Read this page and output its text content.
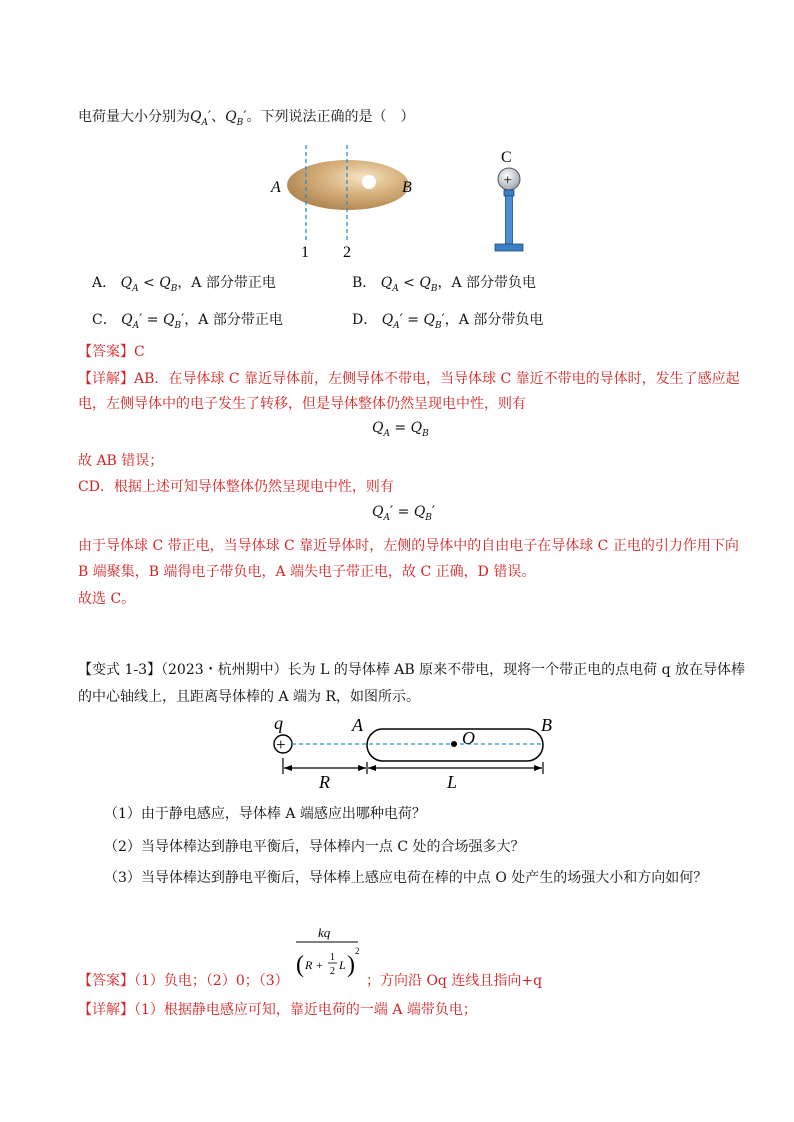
电荷量大小分别为$Q_A'$、$Q_B'$。下列说法正确的是（　）
A	B
1 2
C
+
A． $Q_A < Q_B$，A 部分带正电	B． $Q_A < Q_B$，A 部分带负电
C． $Q_A' = Q_B'$，A 部分带正电	D． $Q_A' = Q_B'$，A 部分带负电
【答案】C
【详解】AB．在导体球 C 靠近导体前，左侧导体不带电，当导体球 C 靠近不带电的导体时，发生了感应起
电，左侧导体中的电子发生了转移，但是导体整体仍然呈现电中性，则有
$Q_A = Q_B$
故 AB 错误；
CD．根据上述可知导体整体仍然呈现电中性，则有
$Q_A' = Q_B'$
由于导体球 C 带正电，当导体球 C 靠近导体时，左侧的导体中的自由电子在导体球 C 正电的引力作用下向
B 端聚集，B 端得电子带负电，A 端失电子带正电，故 C 正确，D 错误。
故选 C。
【变式 1-3】（2023・杭州期中）长为 L 的导体棒 AB 原来不带电，现将一个带正电的点电荷 q 放在导体棒
的中心轴线上，且距离导体棒的 A 端为 R，如图所示。
q
+
A	B
O
R	L
（1）由于静电感应，导体棒 A 端感应出哪种电荷？
（2）当导体棒达到静电平衡后，导体棒内一点 C 处的合场强多大？
（3）当导体棒达到静电平衡后，导体棒上感应电荷在棒的中点 O 处产生的场强大小和方向如何？
【答案】（1）负电；（2）0；（3）
kq
( R +
1
2 L )
2
；方向沿 Oq 连线且指向+q
【详解】（1）根据静电感应可知，靠近电荷的一端 A 端带负电；
